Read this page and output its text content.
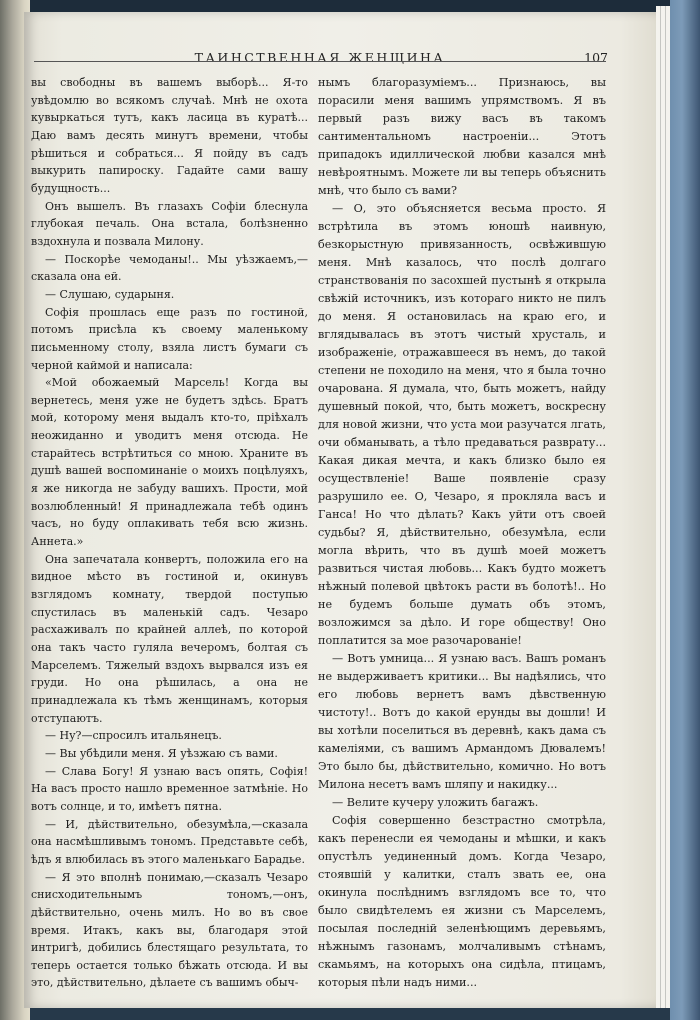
ТАИНСТВЕННАЯ ЖЕНЩИНА	107

вы свободны въ вашемъ выборѣ... Я-то увѣдомлю во всякомъ случаѣ. Мнѣ не охота кувыркаться тутъ, какъ ласица въ куратѣ... Даю вамъ десять минутъ времени, чтобы рѣшиться и собраться... Я пойду въ садъ выкурить папироску. Гадайте сами вашу будущность...

Онъ вышелъ. Въ глазахъ Софіи блеснула глубокая печаль. Она встала, болѣзненно вздохнула и позвала Милону.

— Поскорѣе чемоданы!.. Мы уѣзжаемъ,— сказала она ей.

— Слушаю, сударыня.

Софія прошлась еще разъ по гостиной, потомъ присѣла къ своему маленькому письменному столу, взяла листъ бумаги съ черной каймой и написала:

«Мой обожаемый Марсель! Когда вы вернетесь, меня уже не будетъ здѣсь. Братъ мой, которому меня выдалъ кто-то, пріѣхалъ неожиданно и уводитъ меня отсюда. Не старайтесь встрѣтиться со мною. Храните въ душѣ вашей воспоминаніе о моихъ поцѣлуяхъ, я же никогда не забуду вашихъ. Прости, мой возлюбленный! Я принадлежала тебѣ одинъ часъ, но буду оплакивать тебя всю жизнь. Аннета.»

Она запечатала конвертъ, положила его на видное мѣсто въ гостиной и, окинувъ взглядомъ комнату, твердой поступью спустилась въ маленькій садъ. Чезаро расхаживалъ по крайней аллеѣ, по которой она такъ часто гуляла вечеромъ, болтая съ Марселемъ. Тяжелый вздохъ вырвался изъ ея груди. Но она рѣшилась, а она не принадлежала къ тѣмъ женщинамъ, которыя отступаютъ.

— Ну?—спросилъ итальянецъ.

— Вы убѣдили меня. Я уѣзжаю съ вами.

— Слава Богу! Я узнаю васъ опять, Софія! На васъ просто нашло временное затмѣніе. Но вотъ солнце, и то, имѣетъ пятна.

— И, дѣйствительно, обезумѣла,—сказала она насмѣшливымъ тономъ. Представьте себѣ, ѣдъ я влюбилась въ этого маленькаго Барадье.

— Я это вполнѣ понимаю,—сказалъ Чезаро снисходительнымъ тономъ,—онъ, дѣйствительно, очень милъ. Но во въ свое время. Итакъ, какъ вы, благодаря этой интригѣ, добились блестящаго результата, то теперь остается только бѣжать отсюда. И вы это, дѣйствительно, дѣлаете съ вашимъ обыч-

нымъ благоразуміемъ... Признаюсь, вы порасили меня вашимъ упрямствомъ. Я въ первый разъ вижу васъ въ такомъ сантиментальномъ настроеніи... Этотъ припадокъ идиллической любви казался мнѣ невѣроятнымъ. Можете ли вы теперь объяснить мнѣ, что было съ вами?

— О, это объясняется весьма просто. Я встрѣтила въ этомъ юношѣ наивную, безкорыстную привязанность, освѣжившую меня. Мнѣ казалось, что послѣ долгаго странствованія по засохшей пустынѣ я открыла свѣжій источникъ, изъ котораго никто не пилъ до меня. Я остановилась на краю его, и вглядывалась въ этотъ чистый хрусталь, и изображеніе, отражавшееся въ немъ, до такой степени не походило на меня, что я была точно очарована. Я думала, что, быть можетъ, найду душевный покой, что, быть можетъ, воскресну для новой жизни, что уста мои разучатся лгать, очи обманывать, а тѣло предаваться разврату... Какая дикая мечта, и какъ близко было ея осуществленіе! Ваше появленіе сразу разрушило ее. О, Чезаро, я прокляла васъ и Ганса! Но что дѣлать? Какъ уйти отъ своей судьбы? Я, дѣйствительно, обезумѣла, если могла вѣрить, что въ душѣ моей можетъ развиться чистая любовь... Какъ будто можетъ нѣжный полевой цвѣтокъ расти въ болотѣ!.. Но не будемъ больше думать объ этомъ, возложимся за дѣло. И горе обществу! Оно поплатится за мое разочарованіе!

— Вотъ умница... Я узнаю васъ. Вашъ романъ не выдерживаетъ критики... Вы надѣялись, что его любовь вернетъ вамъ дѣвственную чистоту!.. Вотъ до какой ерунды вы дошли! И вы хотѣли поселиться въ деревнѣ, какъ дама съ камеліями, съ вашимъ Армандомъ Дювалемъ! Это было бы, дѣйствительно, комично. Но вотъ Милона несетъ вамъ шляпу и накидку...

— Велите кучеру уложить багажъ.

Софія совершенно безстрастно смотрѣла, какъ перенесли ея чемоданы и мѣшки, и какъ опустѣлъ уединенный домъ. Когда Чезаро, стоявшій у калитки, сталъ звать ее, она окинула послѣднимъ взглядомъ все то, что было свидѣтелемъ ея жизни съ Марселемъ, посылая последній зеленѣющимъ деревьямъ, нѣжнымъ газонамъ, молчаливымъ стѣнамъ, скамьямъ, на которыхъ она сидѣла, птицамъ, которыя пѣли надъ ними...
